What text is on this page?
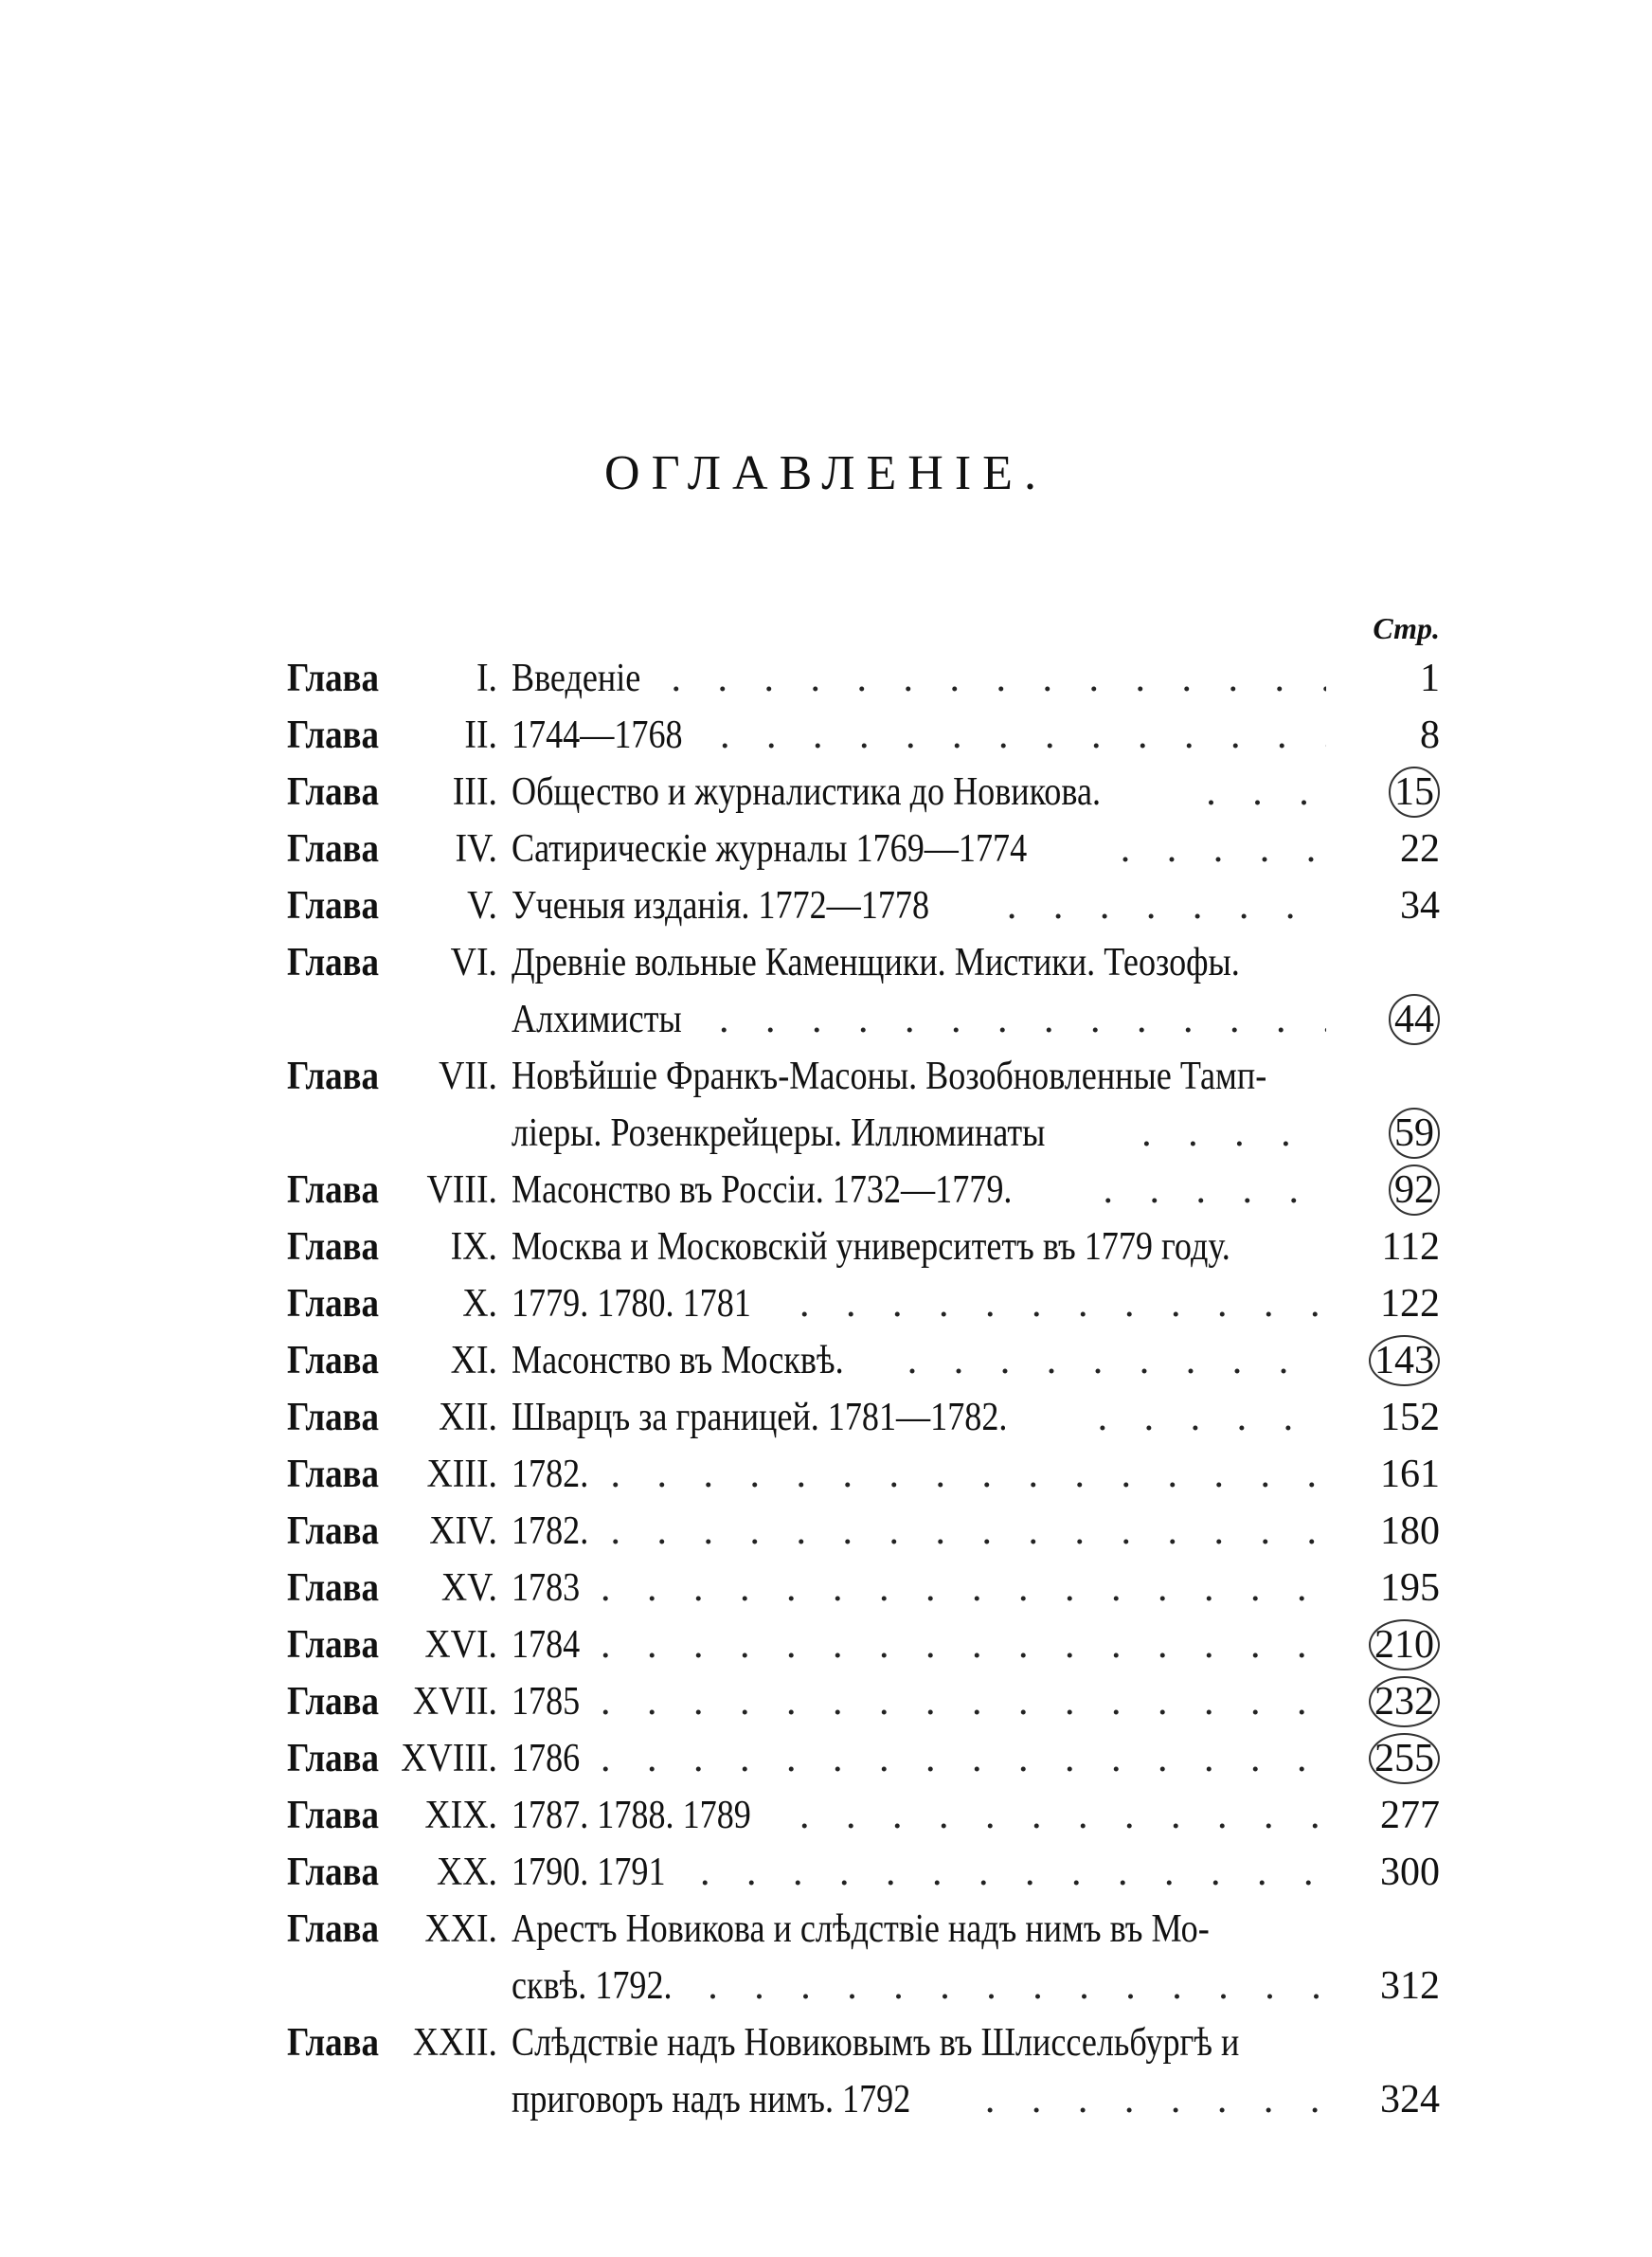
ОГЛАВЛЕНІЕ.
Стр.
Глава	I. Введеніе . . .	1
Глава	II. 1744—1768 . . .	8
Глава	III. Общество и журналистика до Новикова. . . .	15
Глава	IV. Сатирическіе журналы 1769—1774 . . .	22
Глава	V. Ученыя изданія. 1772—1778 . . .	34
Глава	VI. Древніе вольные Каменщики. Мистики. Теозофы.
Алхимисты . . .	44
Глава	VII. Новѣйшіе Франкъ-Масоны. Возобновленные Тамп-
ліеры. Розенкрейцеры. Иллюминаты . . .	59
Глава	VIII. Масонство въ Россіи. 1732—1779. . . .	92
Глава	IX. Москва и Московскій университетъ въ 1779 году. . . .	112
Глава	X. 1779. 1780. 1781 . . .	122
Глава	XI. Масонство въ Москвѣ. . . .	143
Глава	XII. Шварцъ за границей. 1781—1782. . . .	152
Глава	XIII. 1782. . . .	161
Глава	XIV. 1782. . . .	180
Глава	XV. 1783 . . .	195
Глава	XVI. 1784 . . .	210
Глава XVII. 1785 . . .	232
Глава XVIII. 1786 . . .	255
Глава	XIX. 1787. 1788. 1789 . . .	277
Глава	XX. 1790. 1791 . . .	300
Глава	XXI. Арестъ Новикова и слѣдствіе надъ нимъ въ Мо-
сквѣ. 1792. . . .	312
Глава XXII. Слѣдствіе надъ Новиковымъ въ Шлиссельбургѣ и
приговоръ надъ нимъ. 1792 . . .	324
